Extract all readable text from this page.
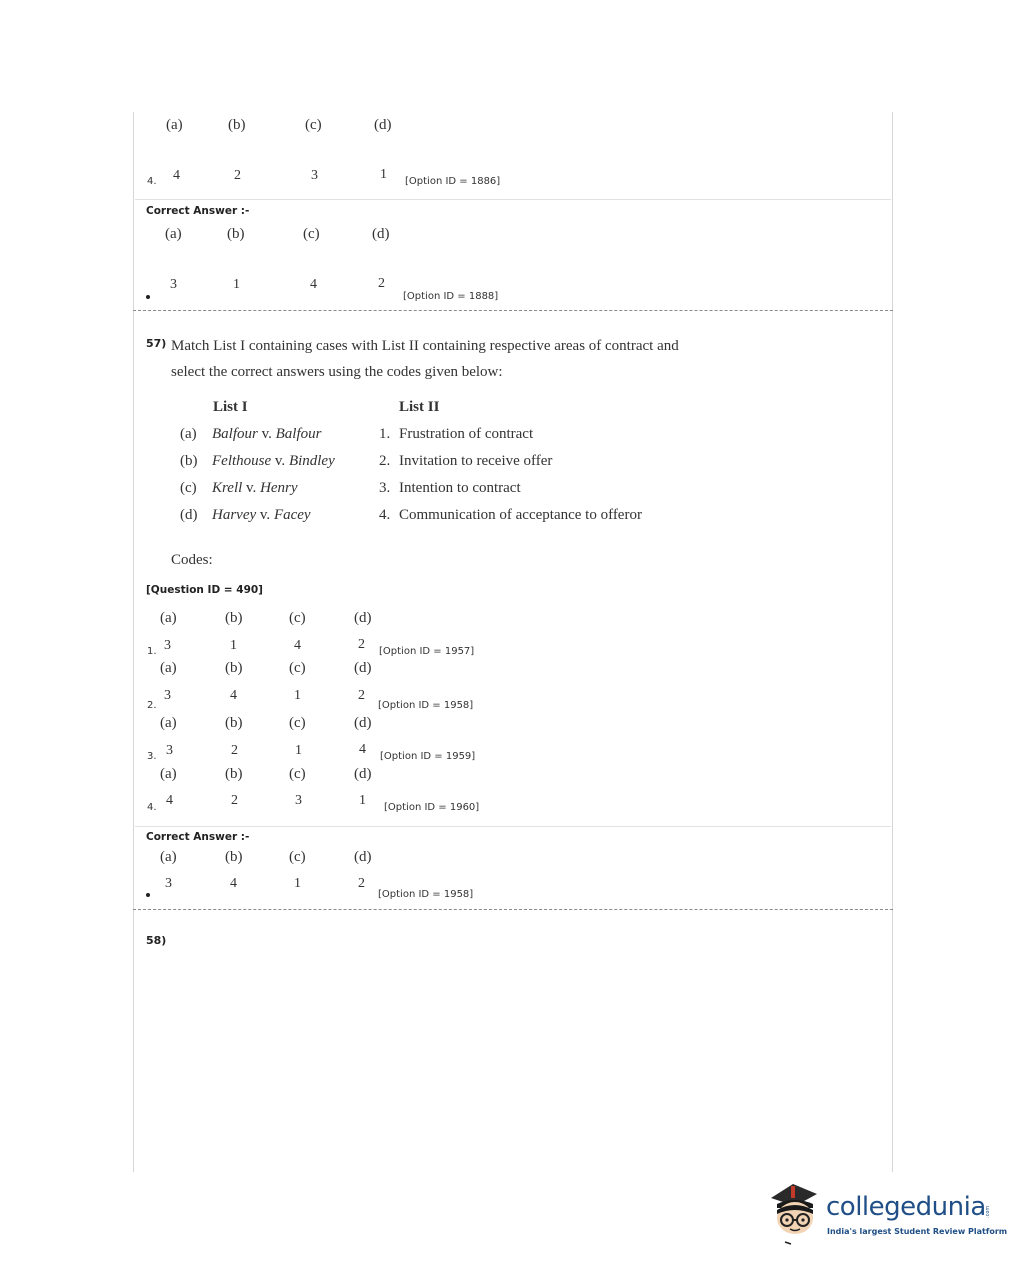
(a)	(b)	(c)	(d)
4. 4	2	3	1 [Option ID = 1886]
Correct Answer :-
(a)	(b)	(c)	(d)
3	1	4	2
[Option ID = 1888]
57) Match List I containing cases with List II containing respective areas of contract and
select the correct answers using the codes given below:
List I	List II
(a) Balfour v. Balfour	1. Frustration of contract
(b) Felthouse v. Bindley	2. Invitation to receive offer
(c) Krell v. Henry	3. Intention to contract
(d) Harvey v. Facey	4. Communication of acceptance to offeror
Codes:
[Question ID = 490]
(a)	(b)	(c)	(d)
1. 3	1	4	2 [Option ID = 1957]
(a)	(b)	(c)	(d)
2.
3	4	1	2
[Option ID = 1958]
(a)	(b)	(c)	(d)
3. 3	2	1	4 [Option ID = 1959]
(a)	(b)	(c)	(d)
4. 4	2	3	1 [Option ID = 1960]
Correct Answer :-
(a)	(b)	(c)	(d)
3	4	1	2
[Option ID = 1958]
58)
collegedunia .com
India's largest Student Review Platform
